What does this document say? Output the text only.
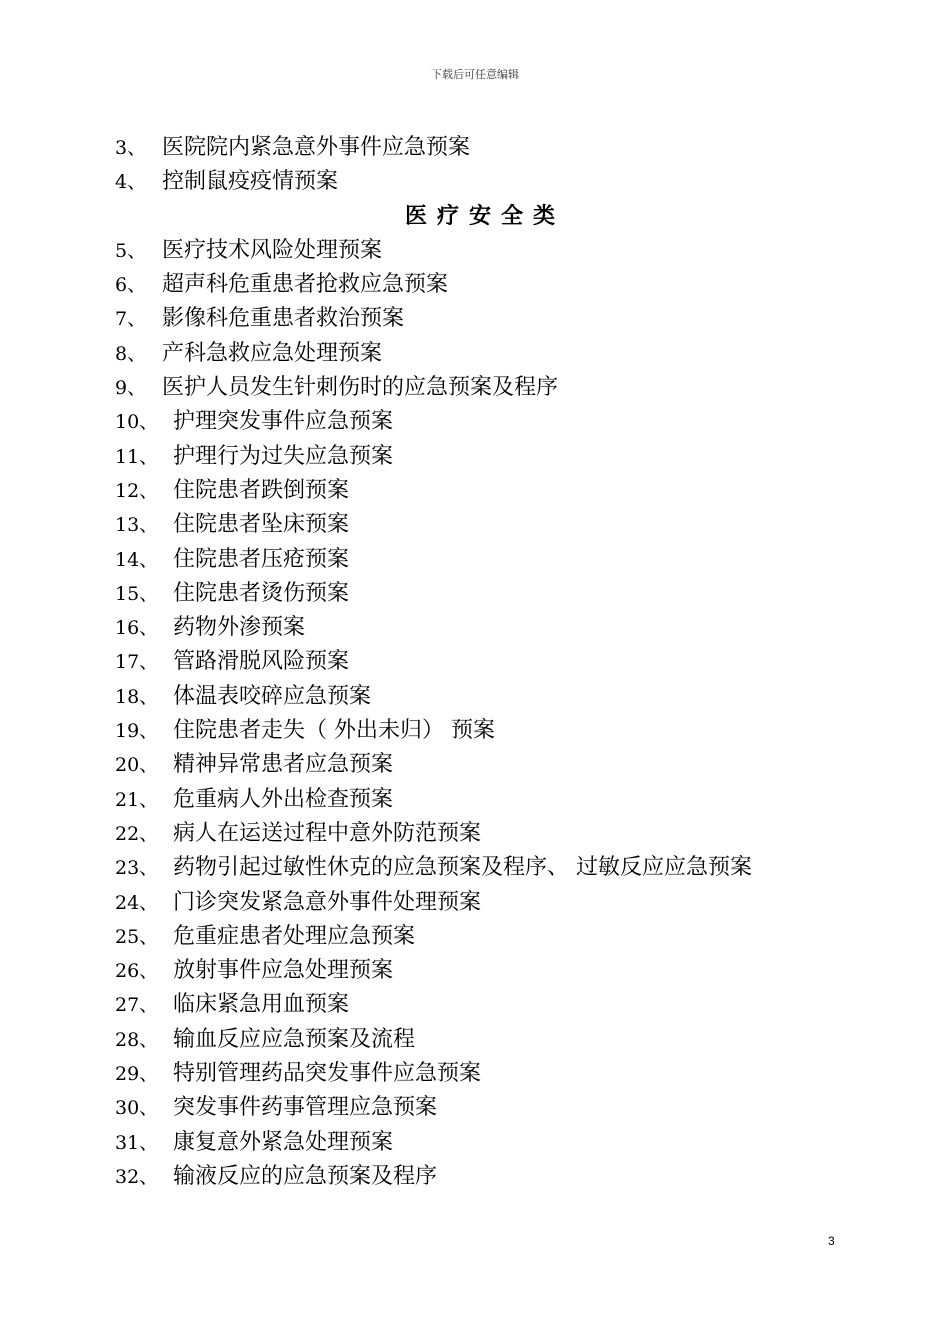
下载后可任意编辑
3、 医院院内紧急意外事件应急预案
4、 控制鼠疫疫情预案
医疗安全类
5、 医疗技术风险处理预案
6、 超声科危重患者抢救应急预案
7、 影像科危重患者救治预案
8、 产科急救应急处理预案
9、 医护人员发生针刺伤时的应急预案及程序
10、 护理突发事件应急预案
11、 护理行为过失应急预案
12、 住院患者跌倒预案
13、 住院患者坠床预案
14、 住院患者压疮预案
15、 住院患者烫伤预案
16、 药物外渗预案
17、 管路滑脱风险预案
18、 体温表咬碎应急预案
19、 住院患者走失（ 外出未归） 预案
20、 精神异常患者应急预案
21、 危重病人外出检查预案
22、 病人在运送过程中意外防范预案
23、 药物引起过敏性休克的应急预案及程序、 过敏反应应急预案
24、 门诊突发紧急意外事件处理预案
25、 危重症患者处理应急预案
26、 放射事件应急处理预案
27、 临床紧急用血预案
28、 输血反应应急预案及流程
29、 特别管理药品突发事件应急预案
30、 突发事件药事管理应急预案
31、 康复意外紧急处理预案
32、 输液反应的应急预案及程序
3
